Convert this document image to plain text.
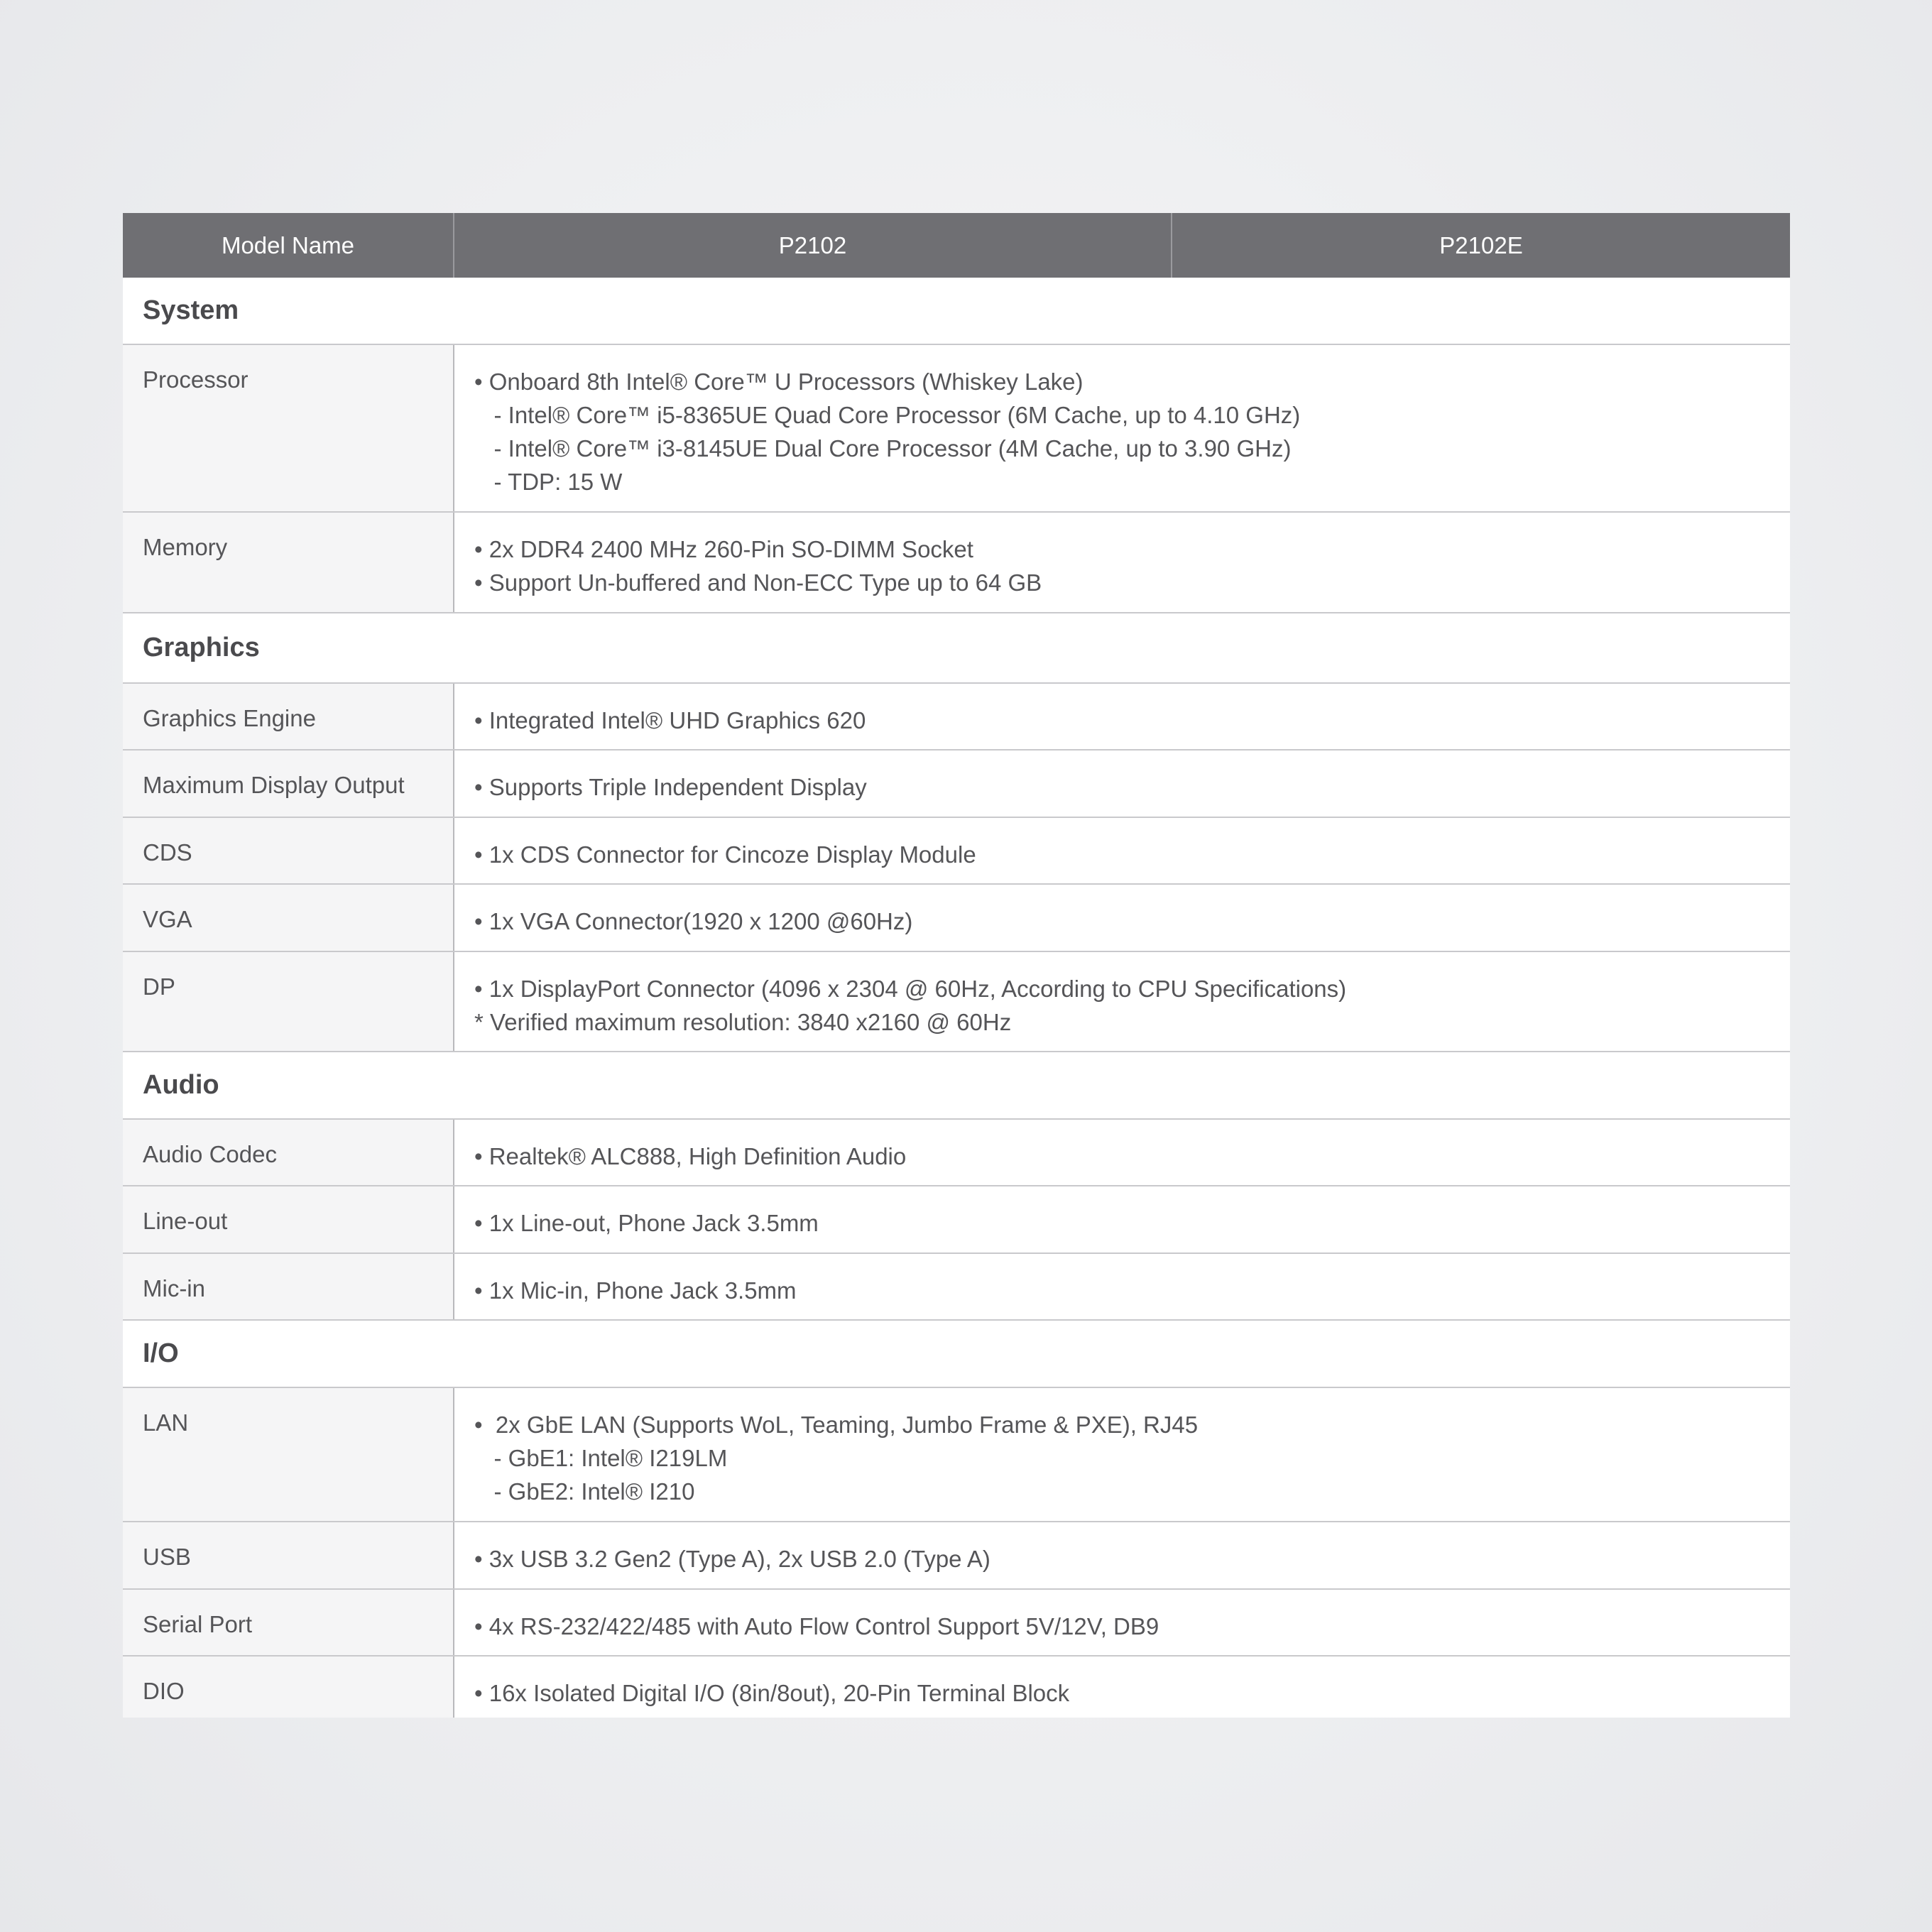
Model Name	P2102	P2102E
System
Processor	• Onboard 8th Intel® Core™ U Processors (Whiskey Lake)
- Intel® Core™ i5-8365UE Quad Core Processor (6M Cache, up to 4.10 GHz)
- Intel® Core™ i3-8145UE Dual Core Processor (4M Cache, up to 3.90 GHz)
- TDP: 15 W
Memory	• 2x DDR4 2400 MHz 260-Pin SO-DIMM Socket
• Support Un-buffered and Non-ECC Type up to 64 GB
Graphics
Graphics Engine	• Integrated Intel® UHD Graphics 620
Maximum Display Output	• Supports Triple Independent Display
CDS	• 1x CDS Connector for Cincoze Display Module
VGA	• 1x VGA Connector(1920 x 1200 @60Hz)
DP	• 1x DisplayPort Connector (4096 x 2304 @ 60Hz, According to CPU Specifications)
* Verified maximum resolution: 3840 x2160 @ 60Hz
Audio
Audio Codec	• Realtek® ALC888, High Definition Audio
Line-out	• 1x Line-out, Phone Jack 3.5mm
Mic-in	• 1x Mic-in, Phone Jack 3.5mm
I/O
LAN	•  2x GbE LAN (Supports WoL, Teaming, Jumbo Frame & PXE), RJ45
- GbE1: Intel® I219LM
- GbE2: Intel® I210
USB	• 3x USB 3.2 Gen2 (Type A), 2x USB 2.0 (Type A)
Serial Port	• 4x RS-232/422/485 with Auto Flow Control Support 5V/12V, DB9
DIO	• 16x Isolated Digital I/O (8in/8out), 20-Pin Terminal Block
